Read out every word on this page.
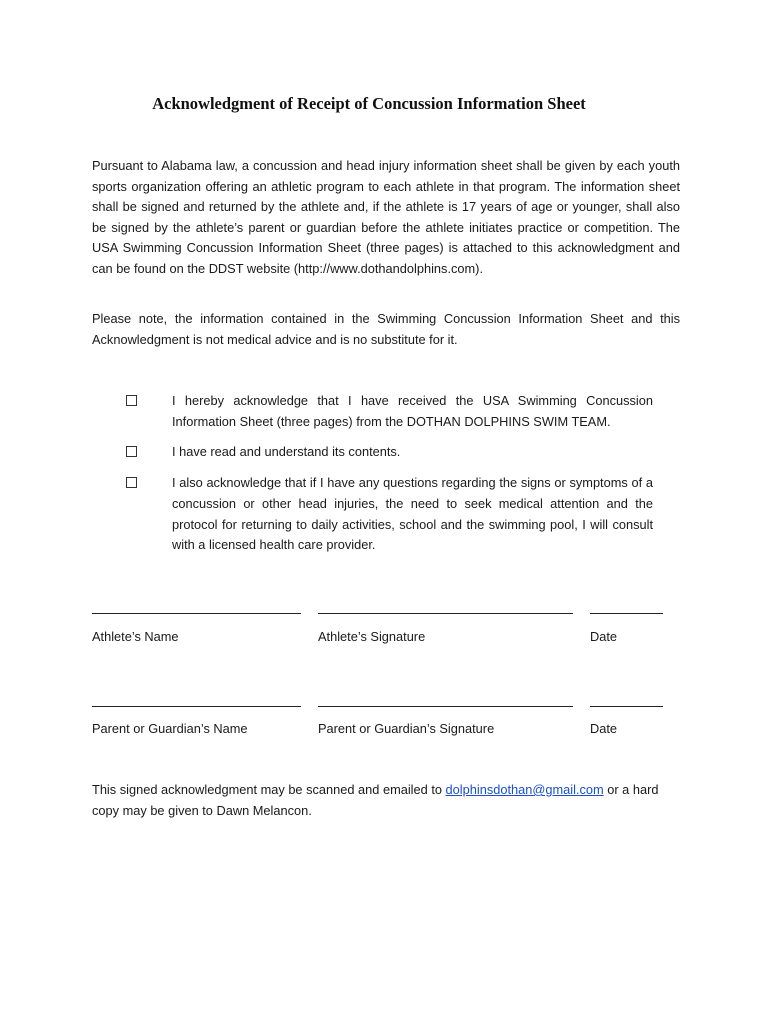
Acknowledgment of Receipt of Concussion Information Sheet

Pursuant to Alabama law, a concussion and head injury information sheet shall be given by each youth sports organization offering an athletic program to each athlete in that program. The information sheet shall be signed and returned by the athlete and, if the athlete is 17 years of age or younger, shall also be signed by the athlete’s parent or guardian before the athlete initiates practice or competition. The USA Swimming Concussion Information Sheet (three pages) is attached to this acknowledgment and can be found on the DDST website (http://www.dothandolphins.com).

Please note, the information contained in the Swimming Concussion Information Sheet and this Acknowledgment is not medical advice and is no substitute for it.

I hereby acknowledge that I have received the USA Swimming Concussion Information Sheet (three pages) from the DOTHAN DOLPHINS SWIM TEAM.

I have read and understand its contents.

I also acknowledge that if I have any questions regarding the signs or symptoms of a concussion or other head injuries, the need to seek medical attention and the protocol for returning to daily activities, school and the swimming pool, I will consult with a licensed health care provider.

Athlete’s Name	Athlete’s Signature	Date
Parent or Guardian’s Name	Parent or Guardian’s Signature	Date

This signed acknowledgment may be scanned and emailed to dolphinsdothan@gmail.com or a hard copy may be given to Dawn Melancon.
